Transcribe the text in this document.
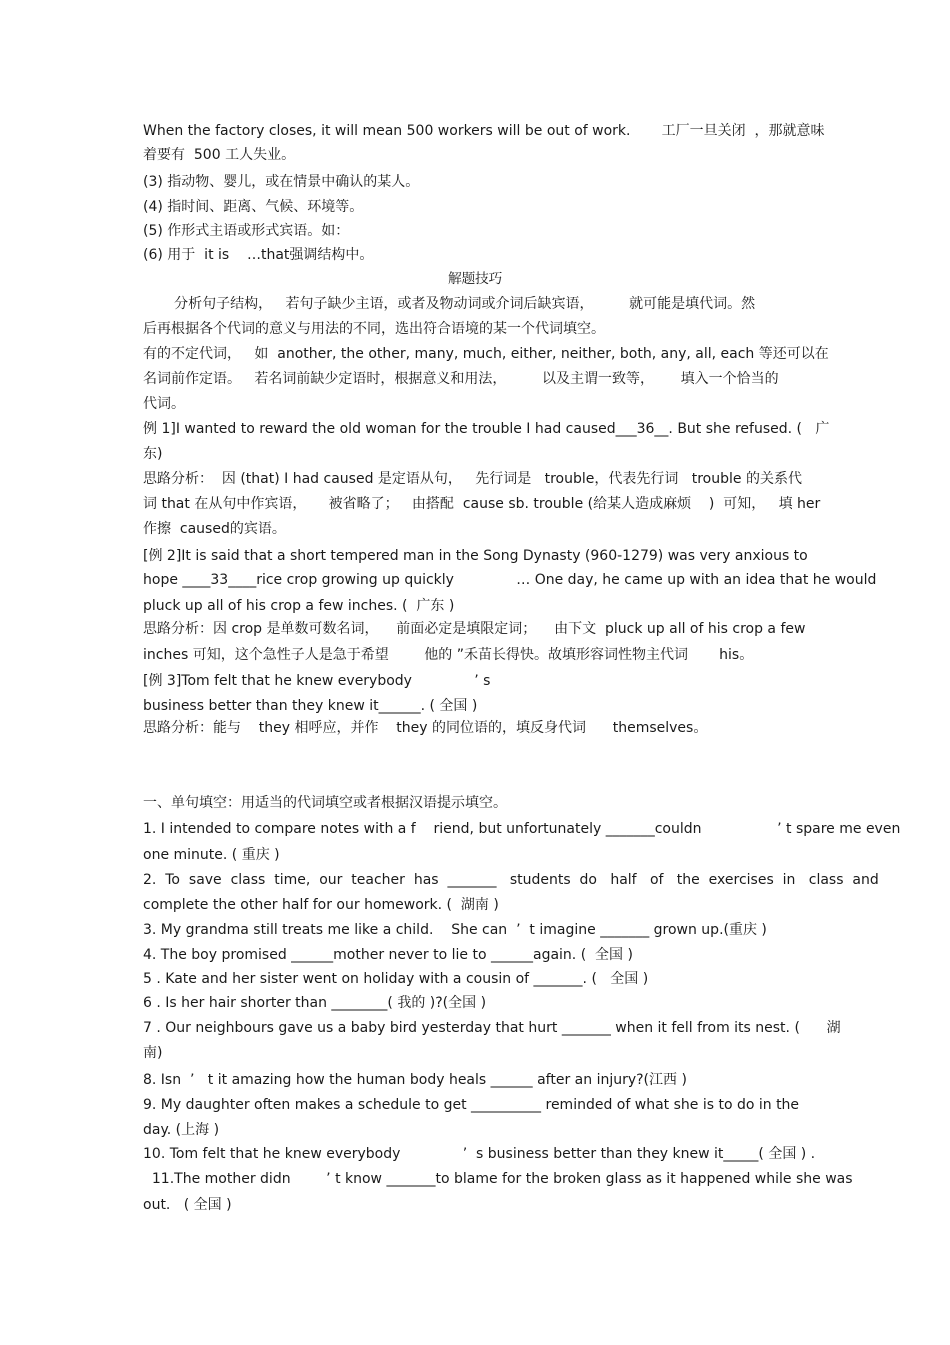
When the factory closes, it will mean 500 workers will be out of work.       工厂一旦关闭  ，那就意味
着要有  500 工人失业。
(3) 指动物、婴儿，或在情景中确认的某人。
(4) 指时间、距离、气候、环境等。
(5) 作形式主语或形式宾语。如：
(6) 用于  it is    …that强调结构中。
解题技巧
分析句子结构，   若句子缺少主语，或者及物动词或介词后缺宾语，        就可能是填代词。然
后再根据各个代词的意义与用法的不同，选出符合语境的某一个代词填空。
有的不定代词，   如  another, the other, many, much, either, neither, both, any, all, each 等还可以在
名词前作定语。   若名词前缺少定语时，根据意义和用法，        以及主谓一致等，      填入一个恰当的
代词。
例 1]I wanted to reward the old woman for the trouble I had caused___36__. But she refused. (   广
东)
思路分析：  因 (that) I had caused 是定语从句，   先行词是   trouble，代表先行词   trouble 的关系代
词 that 在从句中作宾语，     被省略了；   由搭配  cause sb. trouble (给某人造成麻烦    )  可知，   填 her
作擦  caused的宾语。
[例 2]It is said that a short tempered man in the Song Dynasty (960-1279) was very anxious to
hope ____33____rice crop growing up quickly              … One day, he came up with an idea that he would
pluck up all of his crop a few inches. (  广东 )
思路分析：因 crop 是单数可数名词，    前面必定是填限定词；    由下文  pluck up all of his crop a few
inches 可知，这个急性子人是急于希望        他的 ”禾苗长得快。故填形容词性物主代词       his。
[例 3]Tom felt that he knew everybody              ’ s
business better than they knew it______. ( 全国 )
思路分析：能与    they 相呼应，并作    they 的同位语的，填反身代词      themselves。
一、单句填空：用适当的代词填空或者根据汉语提示填空。
1. I intended to compare notes with a f    riend, but unfortunately _______couldn                 ’ t spare me even
one minute. ( 重庆 )
2.  To  save  class  time,  our  teacher  has  _______   students  do   half   of   the  exercises  in   class  and
complete the other half for our homework. (  湖南 )
3. My grandma still treats me like a child.    She can  ’  t imagine _______ grown up.(重庆 )
4. The boy promised ______mother never to lie to ______again. (  全国 )
5 . Kate and her sister went on holiday with a cousin of _______. (   全国 )
6 . Is her hair shorter than ________( 我的 )?(全国 )
7 . Our neighbours gave us a baby bird yesterday that hurt _______ when it fell from its nest. (      湖
南)
8. Isn  ’   t it amazing how the human body heals ______ after an injury?(江西 )
9. My daughter often makes a schedule to get __________ reminded of what she is to do in the
day. (上海 )
10. Tom felt that he knew everybody              ’  s business better than they knew it_____( 全国 ) .
11.The mother didn        ’ t know _______to blame for the broken glass as it happened while she was
out.   ( 全国 )
